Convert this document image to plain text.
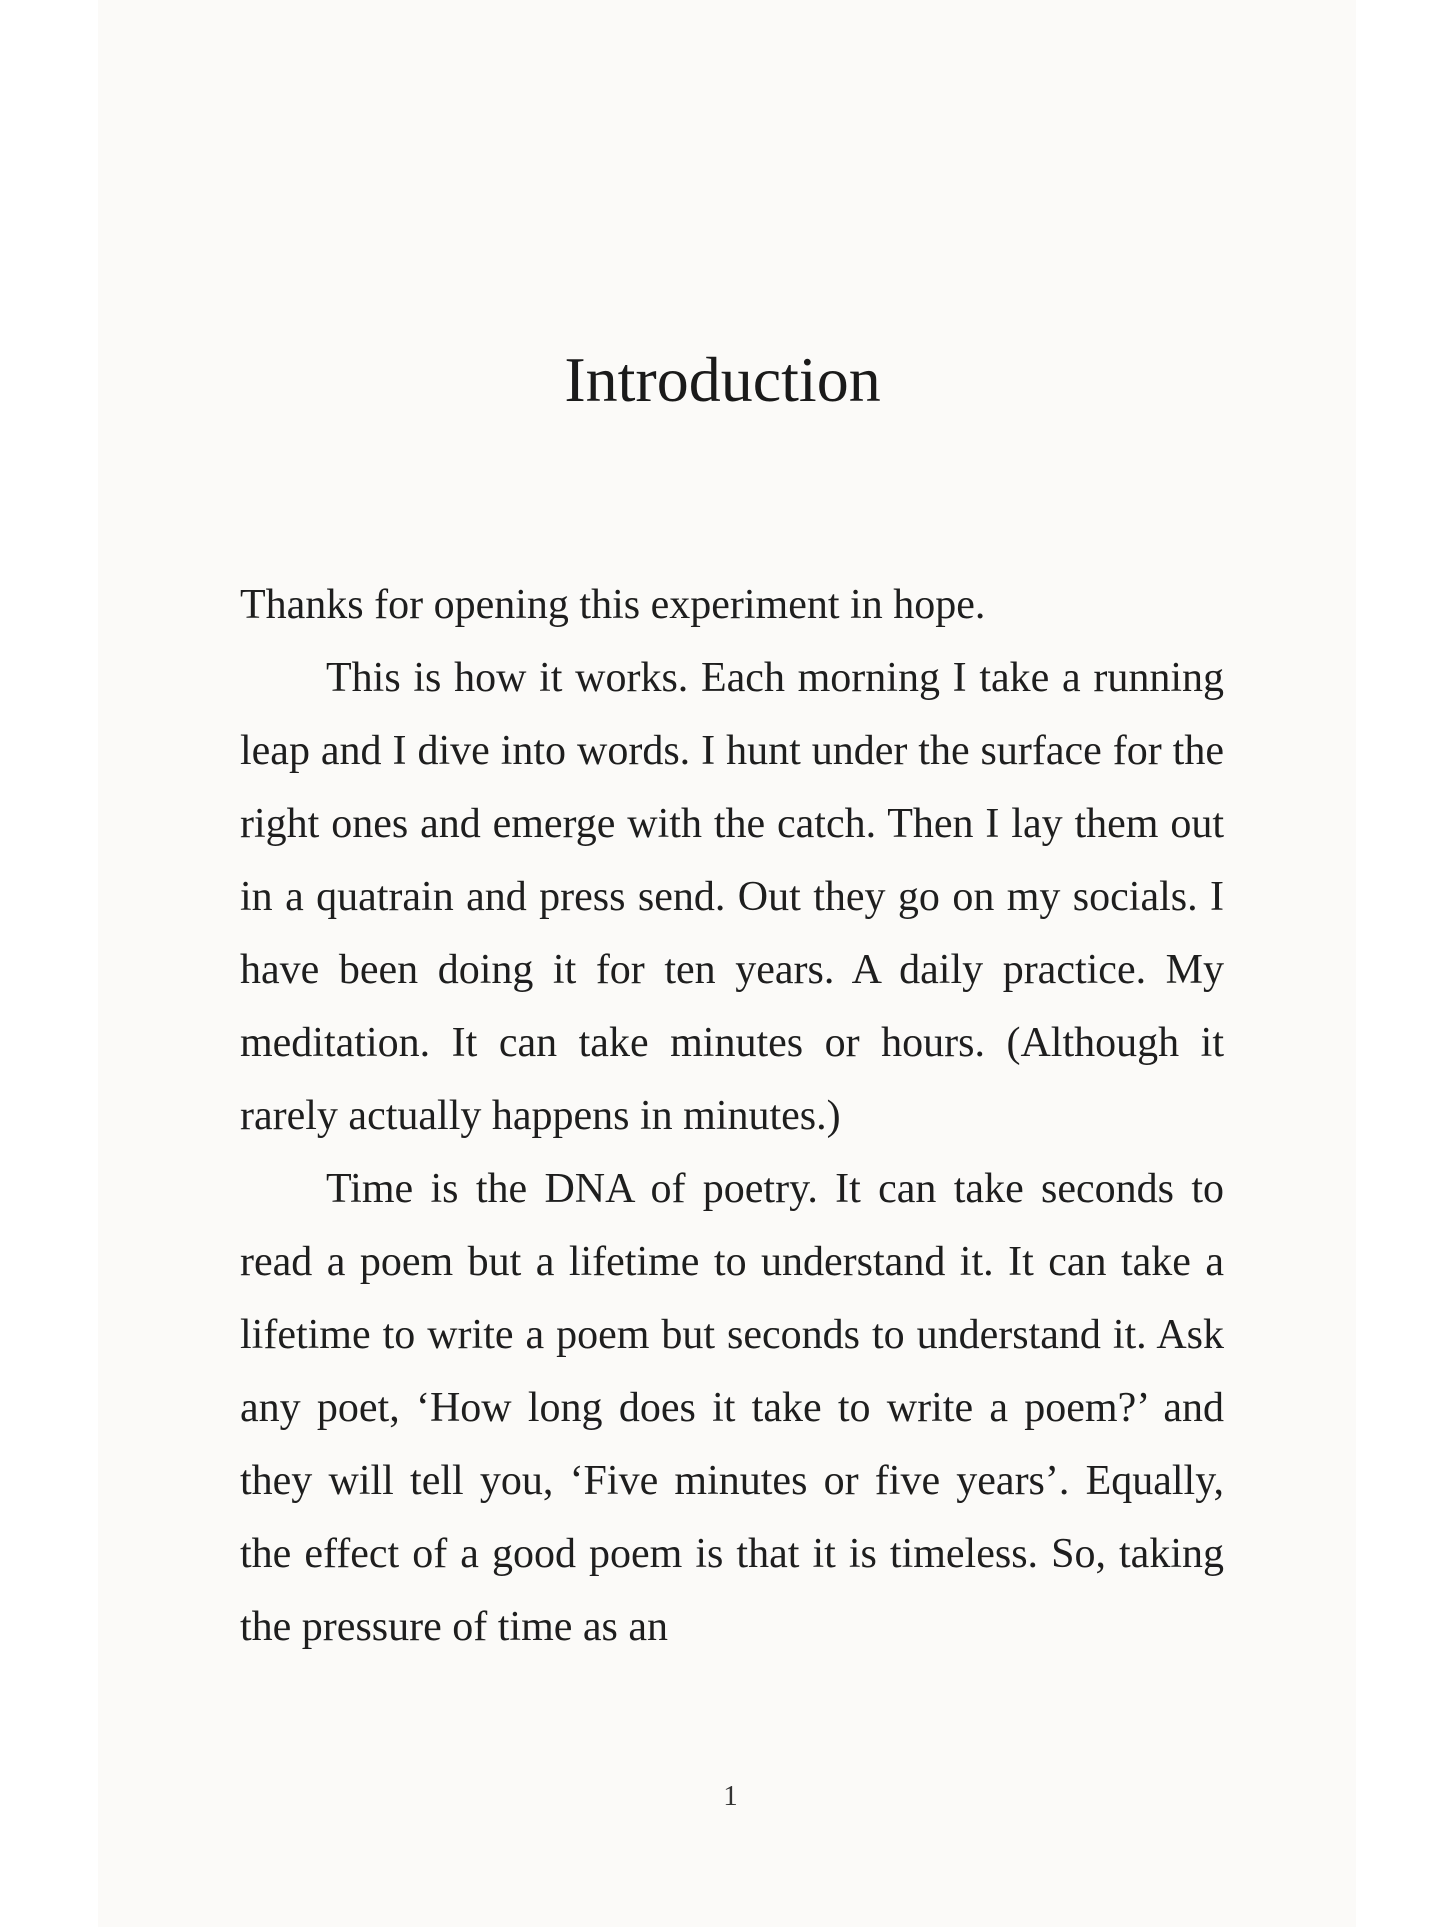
Introduction

Thanks for opening this experiment in hope.

This is how it works. Each morning I take a running leap and I dive into words. I hunt under the surface for the right ones and emerge with the catch. Then I lay them out in a quatrain and press send. Out they go on my socials. I have been doing it for ten years. A daily practice. My meditation. It can take minutes or hours. (Although it rarely actually happens in minutes.)

Time is the DNA of poetry. It can take seconds to read a poem but a lifetime to understand it. It can take a lifetime to write a poem but seconds to understand it. Ask any poet, ‘How long does it take to write a poem?’ and they will tell you, ‘Five minutes or five years’. Equally, the effect of a good poem is that it is timeless. So, taking the pressure of time as an

1
